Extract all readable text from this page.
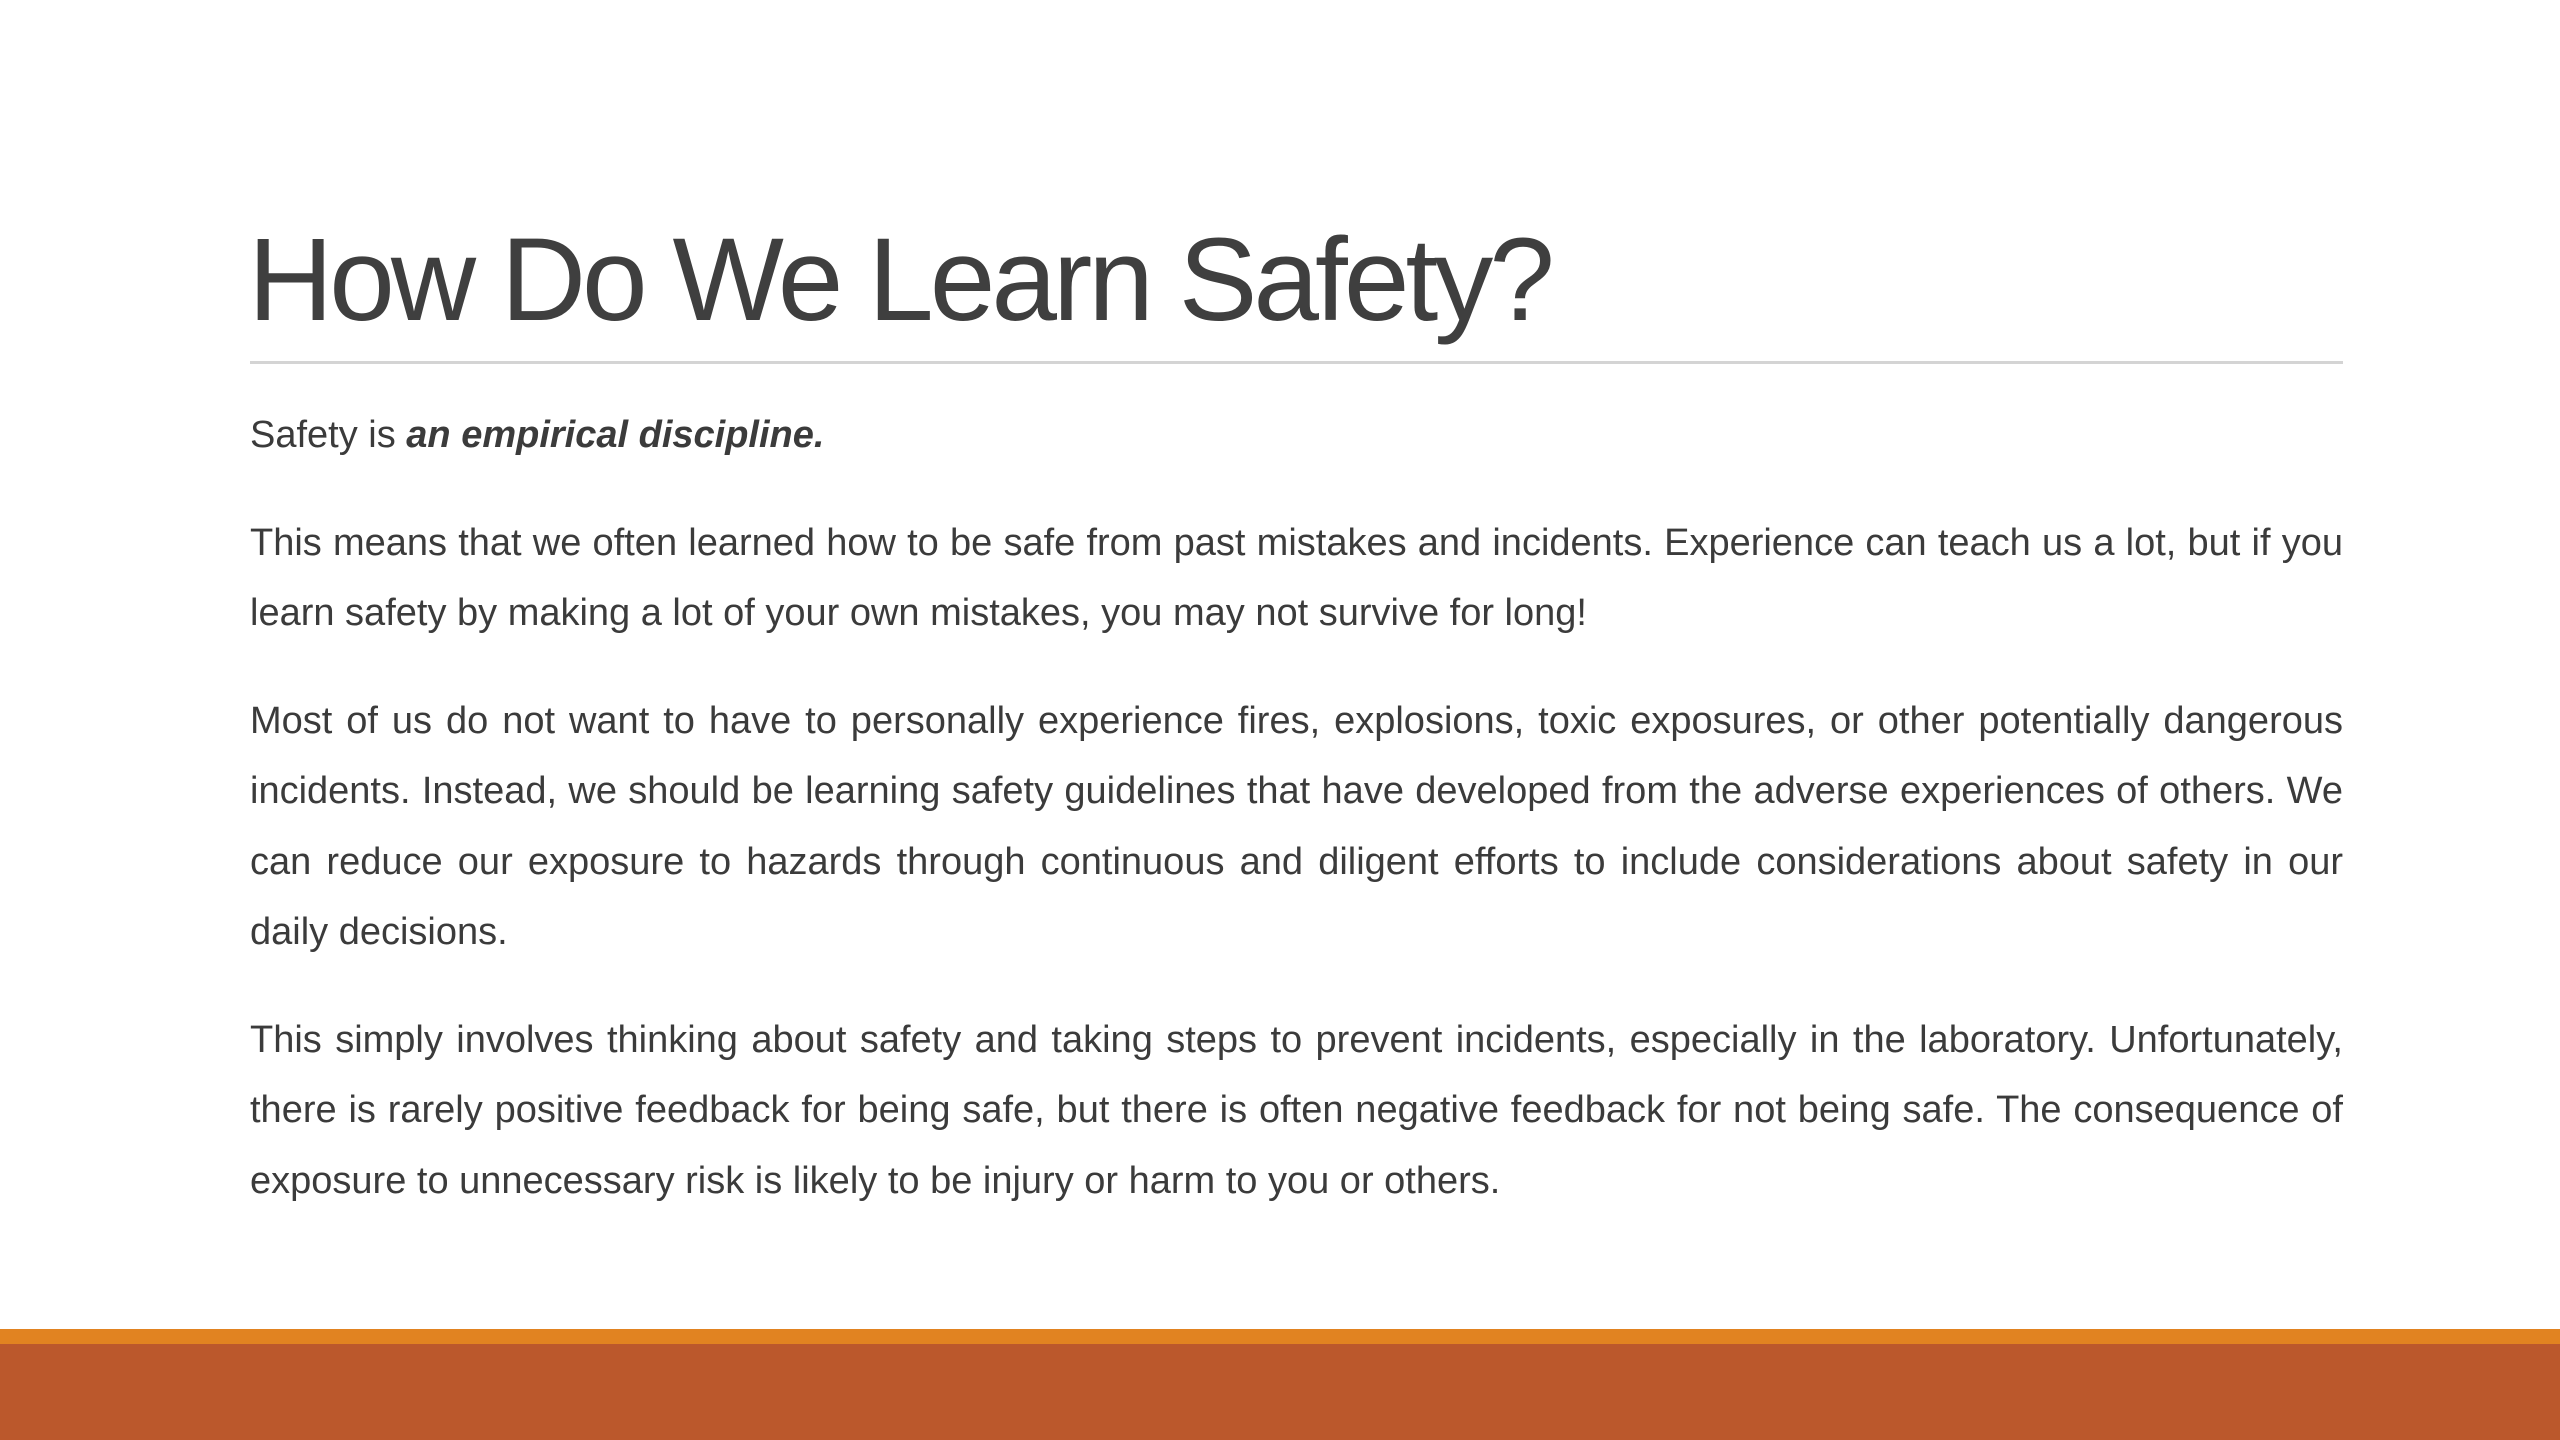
How Do We Learn Safety?

Safety is an empirical discipline.

This means that we often learned how to be safe from past mistakes and incidents. Experience can teach us a lot, but if you learn safety by making a lot of your own mistakes, you may not survive for long!

Most of us do not want to have to personally experience fires, explosions, toxic exposures, or other potentially dangerous incidents. Instead, we should be learning safety guidelines that have developed from the adverse experiences of others. We can reduce our exposure to hazards through continuous and diligent efforts to include considerations about safety in our daily decisions.

This simply involves thinking about safety and taking steps to prevent incidents, especially in the laboratory. Unfortunately, there is rarely positive feedback for being safe, but there is often negative feedback for not being safe. The consequence of exposure to unnecessary risk is likely to be injury or harm to you or others.
